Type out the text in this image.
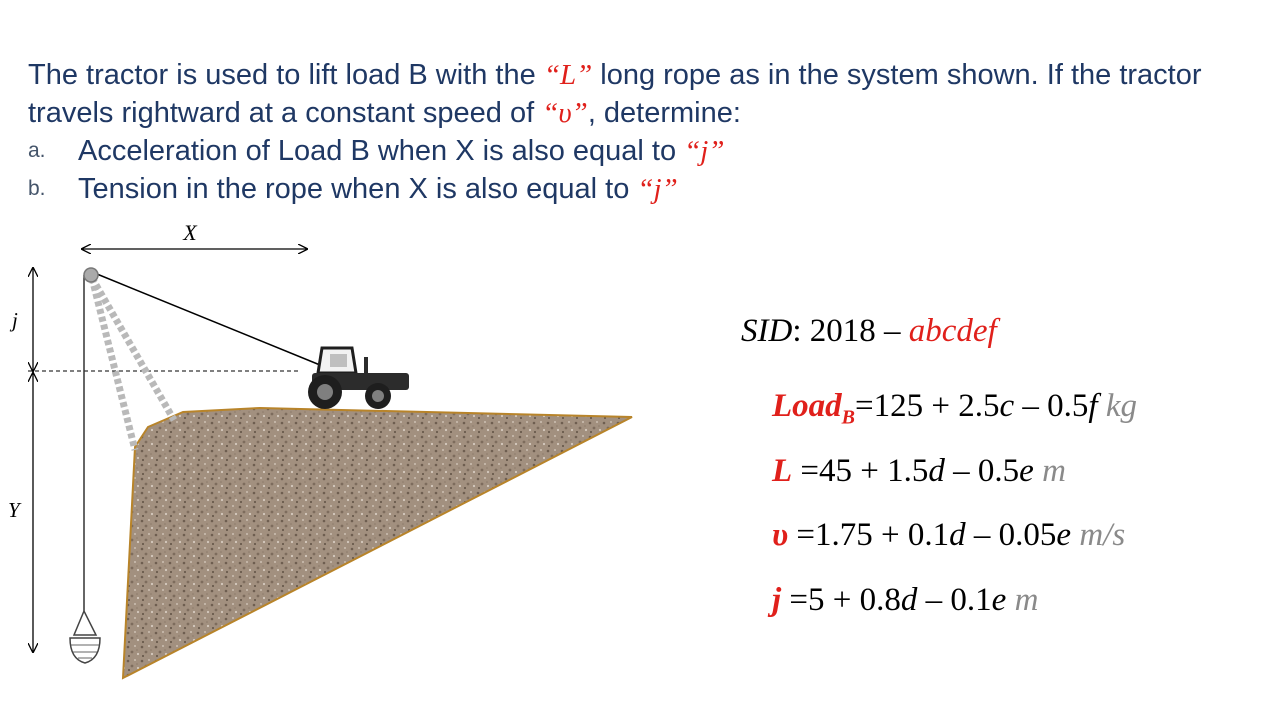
The tractor is used to lift load B with the “L” long rope as in the system shown. If the tractor travels rightward at a constant speed of “υ”, determine:

a.	Acceleration of Load B when X is also equal to “j”
b.	Tension in the rope when X is also equal to “j”
X
j
Y
SID: 2018 – abcdef
Load$_B$=125 + 2.5c – 0.5f kg
L =45 + 1.5d – 0.5e m
υ =1.75 + 0.1d – 0.05e m/s
j =5 + 0.8d – 0.1e m
